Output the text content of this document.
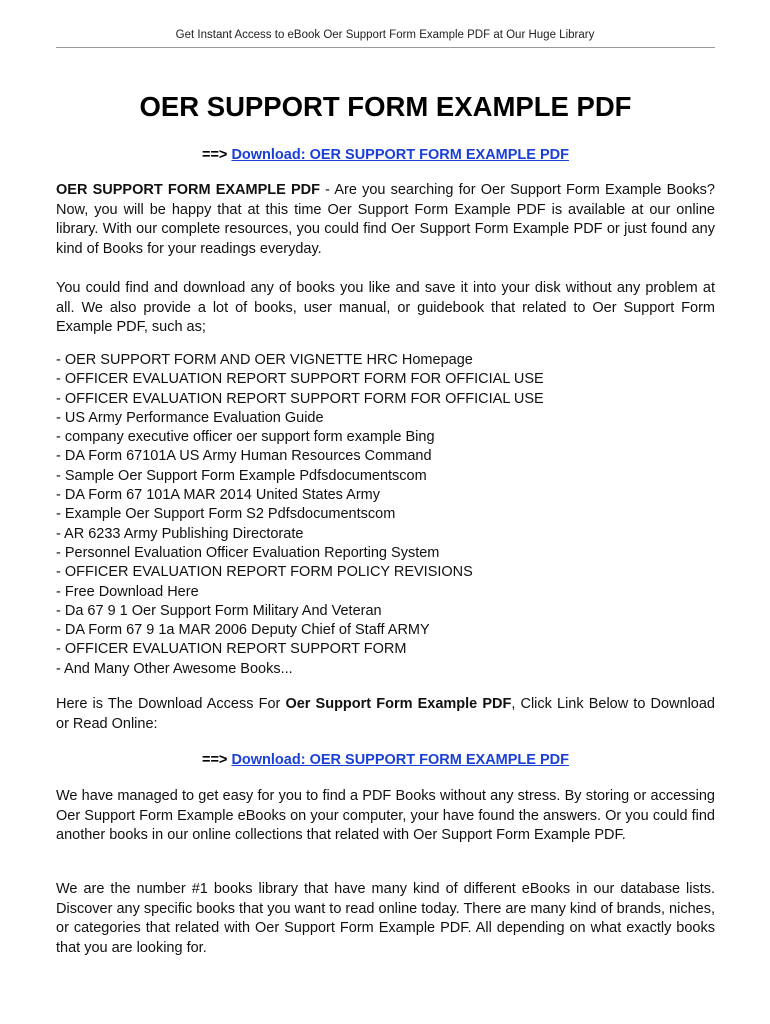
Get Instant Access to eBook Oer Support Form Example PDF at Our Huge Library
OER SUPPORT FORM EXAMPLE PDF
==> Download: OER SUPPORT FORM EXAMPLE PDF

OER SUPPORT FORM EXAMPLE PDF - Are you searching for Oer Support Form Example Books? Now, you will be happy that at this time Oer Support Form Example PDF is available at our online library. With our complete resources, you could find Oer Support Form Example PDF or just found any kind of Books for your readings everyday.

You could find and download any of books you like and save it into your disk without any problem at all. We also provide a lot of books, user manual, or guidebook that related to Oer Support Form Example PDF, such as;

- OER SUPPORT FORM AND OER VIGNETTE HRC Homepage
- OFFICER EVALUATION REPORT SUPPORT FORM FOR OFFICIAL USE
- OFFICER EVALUATION REPORT SUPPORT FORM FOR OFFICIAL USE
- US Army Performance Evaluation Guide
- company executive officer oer support form example Bing
- DA Form 67101A US Army Human Resources Command
- Sample Oer Support Form Example Pdfsdocumentscom
- DA Form 67 101A MAR 2014 United States Army
- Example Oer Support Form S2 Pdfsdocumentscom
- AR 6233 Army Publishing Directorate
- Personnel Evaluation Officer Evaluation Reporting System
- OFFICER EVALUATION REPORT FORM POLICY REVISIONS
- Free Download Here
- Da 67 9 1 Oer Support Form Military And Veteran
- DA Form 67 9 1a MAR 2006 Deputy Chief of Staff ARMY
- OFFICER EVALUATION REPORT SUPPORT FORM
- And Many Other Awesome Books...

Here is The Download Access For Oer Support Form Example PDF, Click Link Below to Download or Read Online:

==> Download: OER SUPPORT FORM EXAMPLE PDF

We have managed to get easy for you to find a PDF Books without any stress. By storing or accessing Oer Support Form Example eBooks on your computer, your have found the answers. Or you could find another books in our online collections that related with Oer Support Form Example PDF.

We are the number #1 books library that have many kind of different eBooks in our database lists. Discover any specific books that you want to read online today. There are many kind of brands, niches, or categories that related with Oer Support Form Example PDF. All depending on what exactly books that you are looking for.
